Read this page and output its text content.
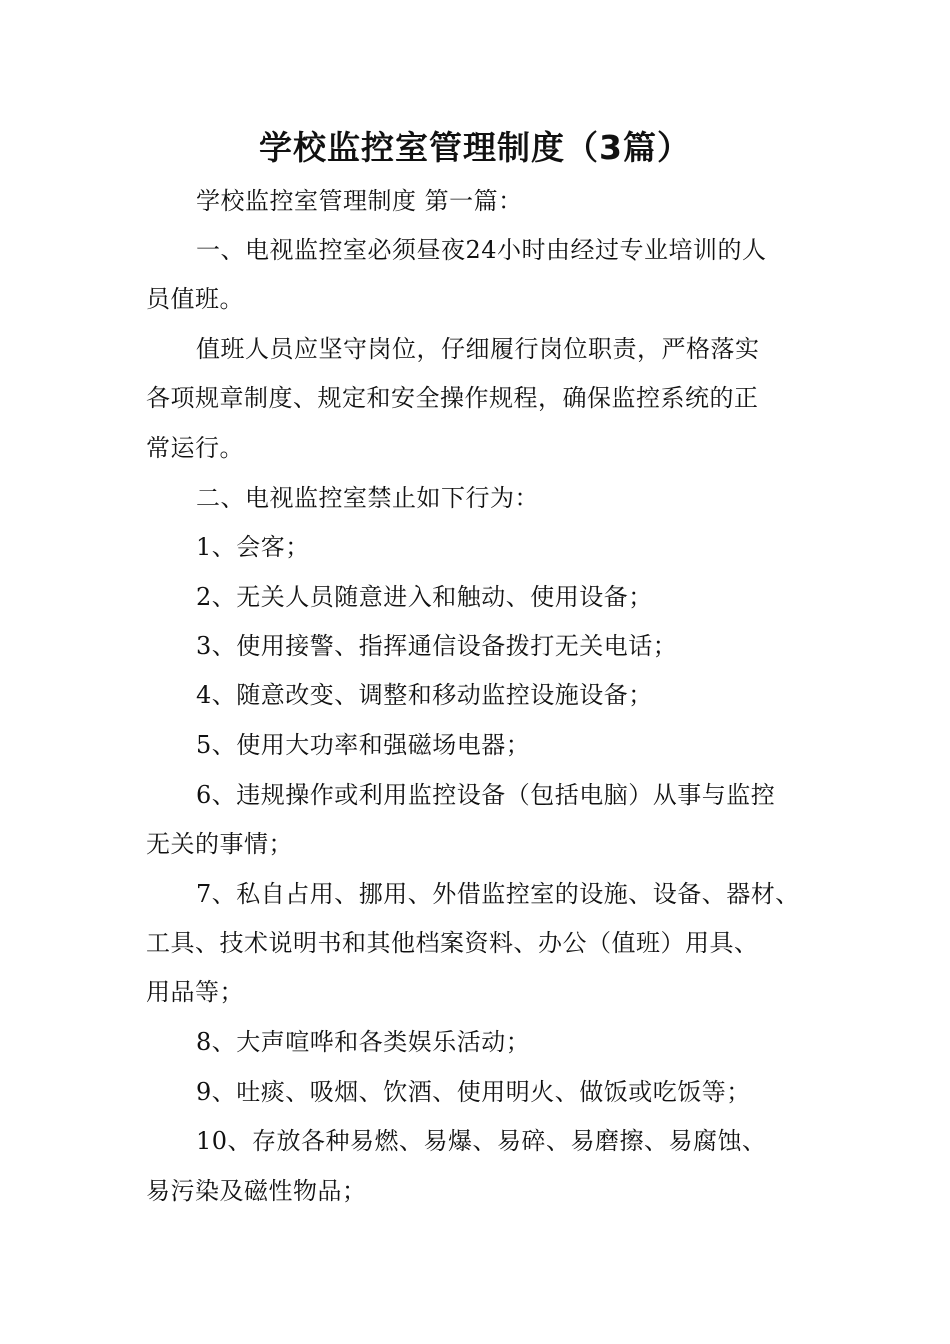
学校监控室管理制度（3篇）
学校监控室管理制度 第一篇：
一、电视监控室必须昼夜24小时由经过专业培训的人
员值班。
值班人员应坚守岗位，仔细履行岗位职责，严格落实
各项规章制度、规定和安全操作规程，确保监控系统的正
常运行。
二、电视监控室禁止如下行为：
1、会客；
2、无关人员随意进入和触动、使用设备；
3、使用接警、指挥通信设备拨打无关电话；
4、随意改变、调整和移动监控设施设备；
5、使用大功率和强磁场电器；
6、违规操作或利用监控设备（包括电脑）从事与监控
无关的事情；
7、私自占用、挪用、外借监控室的设施、设备、器材、
工具、技术说明书和其他档案资料、办公（值班）用具、
用品等；
8、大声喧哗和各类娱乐活动；
9、吐痰、吸烟、饮酒、使用明火、做饭或吃饭等；
10、存放各种易燃、易爆、易碎、易磨擦、易腐蚀、
易污染及磁性物品；
